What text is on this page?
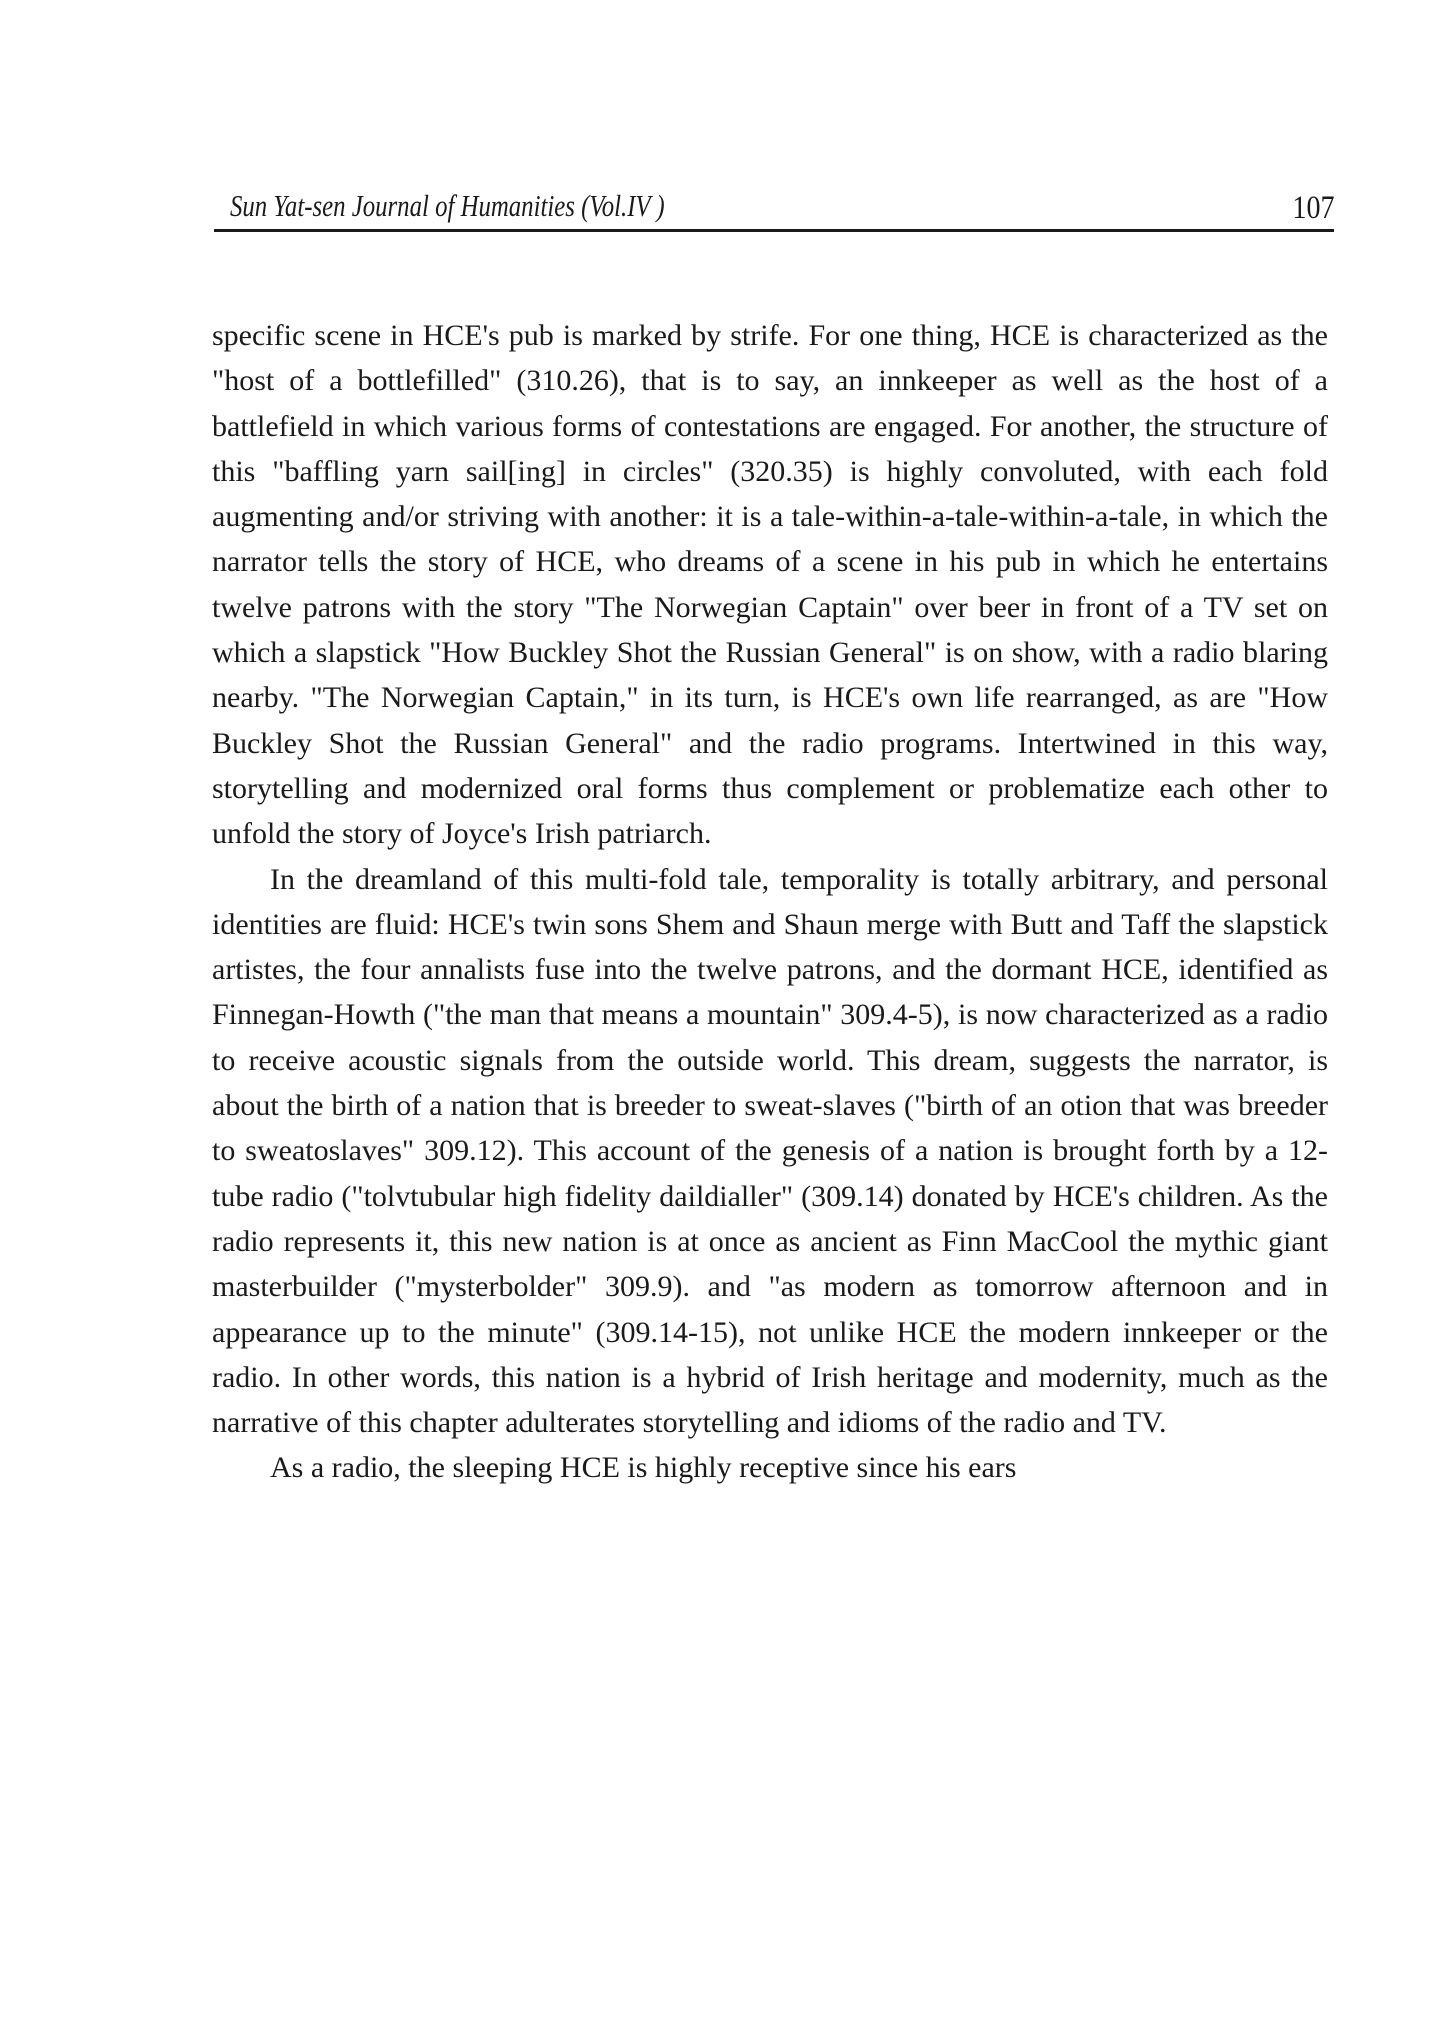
Sun Yat-sen Journal of Humanities (Vol.IV )	107

specific scene in HCE's pub is marked by strife. For one thing, HCE is characterized as the "host of a bottlefilled" (310.26), that is to say, an innkeeper as well as the host of a battlefield in which various forms of contestations are engaged. For another, the structure of this "baffling yarn sail[ing] in circles" (320.35) is highly convoluted, with each fold augmenting and/or striving with another: it is a tale-within-a-tale-within-a-tale, in which the narrator tells the story of HCE, who dreams of a scene in his pub in which he entertains twelve patrons with the story "The Norwegian Captain" over beer in front of a TV set on which a slapstick "How Buckley Shot the Russian General" is on show, with a radio blaring nearby. "The Norwegian Captain," in its turn, is HCE's own life rearranged, as are "How Buckley Shot the Russian General" and the radio programs. Intertwined in this way, storytelling and modernized oral forms thus complement or problematize each other to unfold the story of Joyce's Irish patriarch.

In the dreamland of this multi-fold tale, temporality is totally arbitrary, and personal identities are fluid: HCE's twin sons Shem and Shaun merge with Butt and Taff the slapstick artistes, the four annalists fuse into the twelve patrons, and the dormant HCE, identified as Finnegan-Howth ("the man that means a mountain" 309.4-5), is now characterized as a radio to receive acoustic signals from the outside world. This dream, suggests the narrator, is about the birth of a nation that is breeder to sweat-slaves ("birth of an otion that was breeder to sweatoslaves" 309.12). This account of the genesis of a nation is brought forth by a 12-tube radio ("tolvtubular high fidelity daildialler" (309.14) donated by HCE's children. As the radio represents it, this new nation is at once as ancient as Finn MacCool the mythic giant masterbuilder ("mysterbolder" 309.9). and "as modern as tomorrow afternoon and in appearance up to the minute" (309.14-15), not unlike HCE the modern innkeeper or the radio. In other words, this nation is a hybrid of Irish heritage and modernity, much as the narrative of this chapter adulterates storytelling and idioms of the radio and TV.

As a radio, the sleeping HCE is highly receptive since his ears
